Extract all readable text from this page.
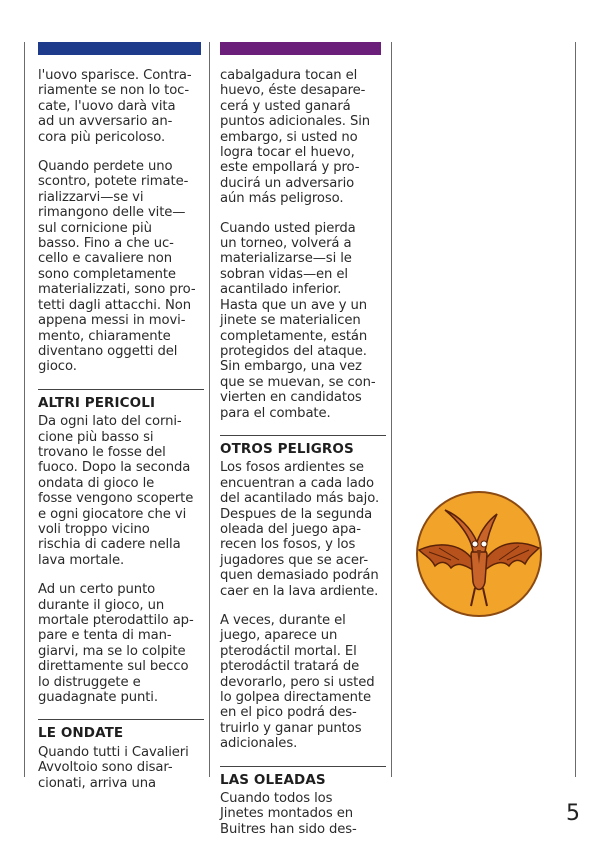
l'uovo sparisce. Contra-
riamente se non lo toc-
cate, l'uovo darà vita
ad un avversario an-
cora più pericoloso.

Quando perdete uno
scontro, potete rimate-
rializzarvi—se vi
rimangono delle vite—
sul cornicione più
basso. Fino a che uc-
cello e cavaliere non
sono completamente
materializzati, sono pro-
tetti dagli attacchi. Non
appena messi in movi-
mento, chiaramente
diventano oggetti del
gioco.

ALTRI PERICOLI

Da ogni lato del corni-
cione più basso si
trovano le fosse del
fuoco. Dopo la seconda
ondata di gioco le
fosse vengono scoperte
e ogni giocatore che vi
voli troppo vicino
rischia di cadere nella
lava mortale.

Ad un certo punto
durante il gioco, un
mortale pterodattilo ap-
pare e tenta di man-
giarvi, ma se lo colpite
direttamente sul becco
lo distruggete e
guadagnate punti.

LE ONDATE

Quando tutti i Cavalieri
Avvoltoio sono disar-
cionati, arriva una

cabalgadura tocan el
huevo, éste desapare-
cerá y usted ganará
puntos adicionales. Sin
embargo, si usted no
logra tocar el huevo,
este empollará y pro-
ducirá un adversario
aún más peligroso.

Cuando usted pierda
un torneo, volverá a
materializarse—si le
sobran vidas—en el
acantilado inferior.
Hasta que un ave y un
jinete se materialicen
completamente, están
protegidos del ataque.
Sin embargo, una vez
que se muevan, se con-
vierten en candidatos
para el combate.

OTROS PELIGROS

Los fosos ardientes se
encuentran a cada lado
del acantilado más bajo.
Despues de la segunda
oleada del juego apa-
recen los fosos, y los
jugadores que se acer-
quen demasiado podrán
caer en la lava ardiente.

A veces, durante el
juego, aparece un
pterodáctil mortal. El
pterodáctil tratará de
devorarlo, pero si usted
lo golpea directamente
en el pico podrá des-
truirlo y ganar puntos
adicionales.

LAS OLEADAS

Cuando todos los
Jinetes montados en
Buitres han sido des-

5
